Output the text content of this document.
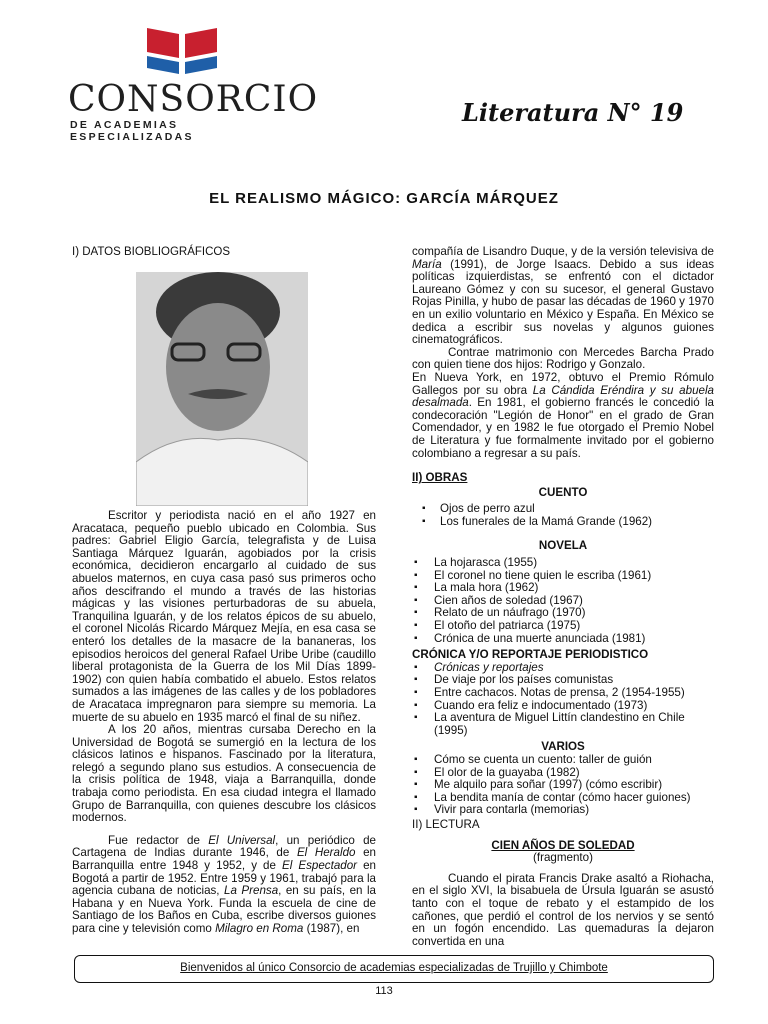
CONSORCIO
DE ACADEMIAS ESPECIALIZADAS
Literatura N° 19
EL REALISMO MÁGICO: GARCÍA MÁRQUEZ
I) DATOS BIOBLIOGRÁFICOS

Escritor y periodista nació en el año 1927 en Aracataca, pequeño pueblo ubicado en Colombia. Sus padres: Gabriel Eligio García, telegrafista y de Luisa Santiaga Márquez Iguarán, agobiados por la crisis económica, decidieron encargarlo al cuidado de sus abuelos maternos, en cuya casa pasó sus primeros ocho años descifrando el mundo a través de las historias mágicas y las visiones perturbadoras de su abuela, Tranquilina Iguarán, y de los relatos épicos de su abuelo, el coronel Nicolás Ricardo Márquez Mejía, en esa casa se enteró los detalles de la masacre de la bananeras, los episodios heroicos del general Rafael Uribe Uribe (caudillo liberal protagonista de la Guerra de los Mil Días 1899- 1902) con quien había combatido el abuelo. Estos relatos sumados a las imágenes de las calles y de los pobladores de Aracataca impregnaron para siempre su memoria. La muerte de su abuelo en 1935 marcó el final de su niñez.

A los 20 años, mientras cursaba Derecho en la Universidad de Bogotá se sumergió en la lectura de los clásicos latinos e hispanos. Fascinado por la literatura, relegó a segundo plano sus estudios. A consecuencia de la crisis política de 1948, viaja a Barranquilla, donde trabaja como periodista. En esa ciudad integra el llamado Grupo de Barranquilla, con quienes descubre los clásicos modernos.

Fue redactor de El Universal, un periódico de Cartagena de Indias durante 1946, de El Heraldo en Barranquilla entre 1948 y 1952, y de El Espectador en Bogotá a partir de 1952. Entre 1959 y 1961, trabajó para la agencia cubana de noticias, La Prensa, en su país, en la Habana y en Nueva York. Funda la escuela de cine de Santiago de los Baños en Cuba, escribe diversos guiones para cine y televisión como Milagro en Roma (1987), en

compañía de Lisandro Duque, y de la versión televisiva de María (1991), de Jorge Isaacs. Debido a sus ideas políticas izquierdistas, se enfrentó con el dictador Laureano Gómez y con su sucesor, el general Gustavo Rojas Pinilla, y hubo de pasar las décadas de 1960 y 1970 en un exilio voluntario en México y España. En México se dedica a escribir sus novelas y algunos guiones cinematográficos.

Contrae matrimonio con Mercedes Barcha Prado con quien tiene dos hijos: Rodrigo y Gonzalo.

En Nueva York, en 1972, obtuvo el Premio Rómulo Gallegos por su obra La Cándida Eréndira y su abuela desalmada. En 1981, el gobierno francés le concedió la condecoración "Legión de Honor" en el grado de Gran Comendador, y en 1982 le fue otorgado el Premio Nobel de Literatura y fue formalmente invitado por el gobierno colombiano a regresar a su país.

II) OBRAS
CUENTO
▪ Ojos de perro azul
▪ Los funerales de la Mamá Grande (1962)
NOVELA
▪ La hojarasca (1955)
▪ El coronel no tiene quien le escriba (1961)
▪ La mala hora (1962)
▪ Cien años de soledad (1967)
▪ Relato de un náufrago (1970)
▪ El otoño del patriarca (1975)
▪ Crónica de una muerte anunciada (1981)
CRÓNICA Y/O REPORTAJE PERIODISTICO
▪ Crónicas y reportajes
▪ De viaje por los países comunistas
▪ Entre cachacos. Notas de prensa, 2 (1954-1955)
▪ Cuando era feliz e indocumentado (1973)
▪ La aventura de Miguel Littín clandestino en Chile (1995)
VARIOS
▪ Cómo se cuenta un cuento: taller de guión
▪ El olor de la guayaba (1982)
▪ Me alquilo para soñar (1997) (cómo escribir)
▪ La bendita manía de contar (cómo hacer guiones)
▪ Vivir para contarla (memorias)
II) LECTURA
CIEN AÑOS DE SOLEDAD
(fragmento)

Cuando el pirata Francis Drake asaltó a Riohacha, en el siglo XVI, la bisabuela de Úrsula Iguarán se asustó tanto con el toque de rebato y el estampido de los cañones, que perdió el control de los nervios y se sentó en un fogón encendido. Las quemaduras la dejaron convertida en una

Bienvenidos al único Consorcio de academias especializadas de Trujillo y Chimbote
113
